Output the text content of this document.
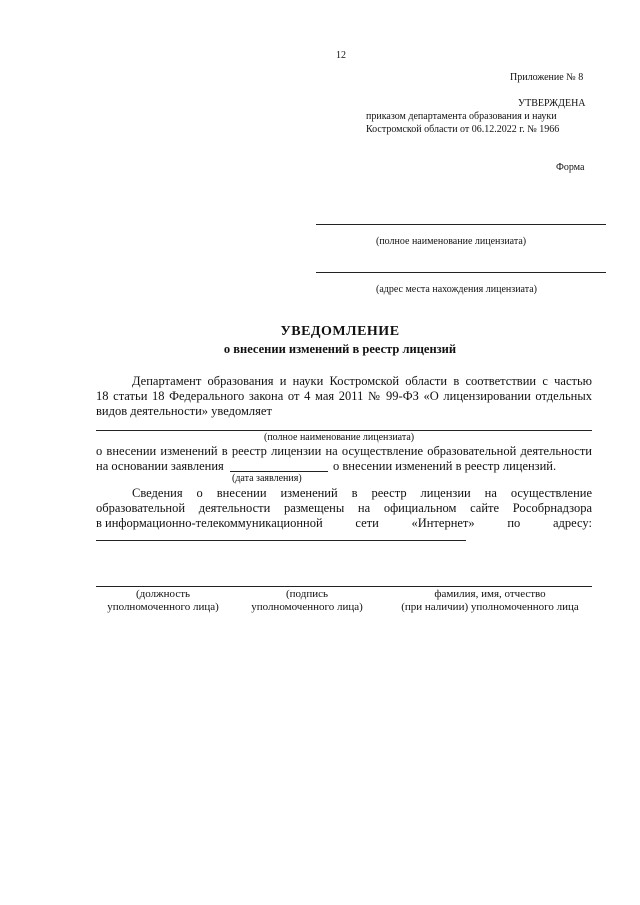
12
Приложение № 8
УТВЕРЖДЕНА
приказом департамента образования и науки
Костромской области от 06.12.2022 г. № 1966
Форма
(полное наименование лицензиата)
(адрес места нахождения лицензиата)
УВЕДОМЛЕНИЕ
о внесении изменений в реестр лицензий
Департамент образования и науки Костромской области в соответствии с частью
18 статьи 18 Федерального закона от 4 мая 2011 № 99-ФЗ «О лицензировании отдельных
видов деятельности» уведомляет
(полное наименование лицензиата)
о внесении изменений в реестр лицензии на осуществление образовательной деятельности
на основании заявления	о внесении изменений в реестр лицензий.
(дата заявления)
Сведения о внесении изменений в реестр лицензии на осуществление
образовательной деятельности размещены на официальном сайте Рособрнадзора
в информационно-телекоммуникационной	сети	«Интернет»	по	адресу:
(должность
уполномоченного лица)
(подпись
уполномоченного лица)
фамилия, имя, отчество
(при наличии) уполномоченного лица
